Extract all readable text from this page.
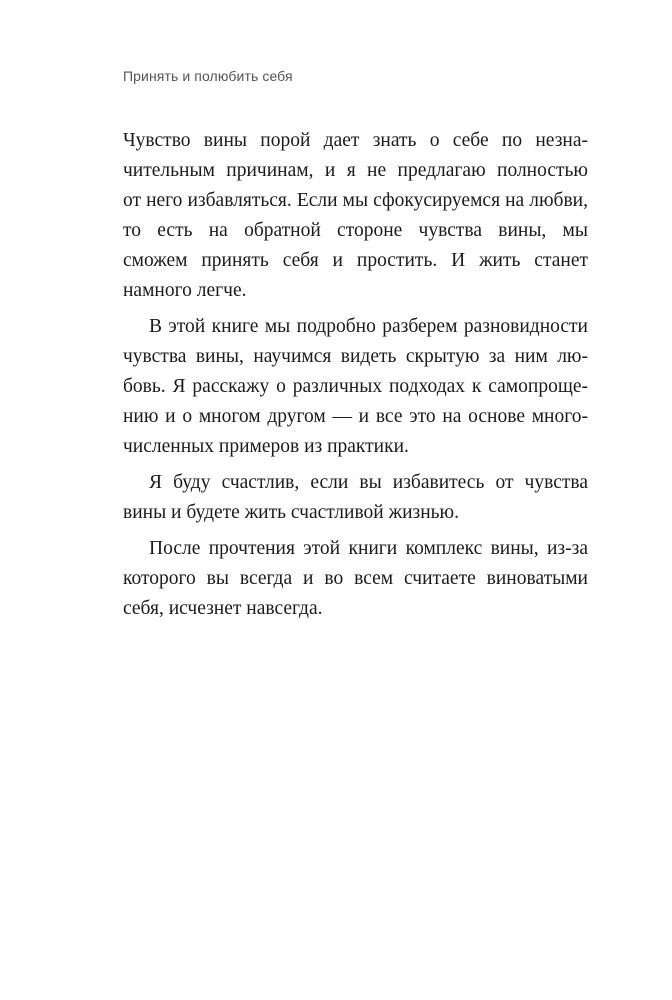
Принять и полюбить себя
Чувство вины порой дает знать о себе по незна-
чительным причинам, и я не предлагаю полностью
от него избавляться. Если мы сфокусируемся на любви,
то есть на обратной стороне чувства вины, мы
сможем принять себя и простить. И жить станет
намного легче.
В этой книге мы подробно разберем разновидности
чувства вины, научимся видеть скрытую за ним лю-
бовь. Я расскажу о различных подходах к самопроще-
нию и о многом другом — и все это на основе много-
численных примеров из практики.
Я буду счастлив, если вы избавитесь от чувства
вины и будете жить счастливой жизнью.
После прочтения этой книги комплекс вины, из-за
которого вы всегда и во всем считаете виноватыми
себя, исчезнет навсегда.
